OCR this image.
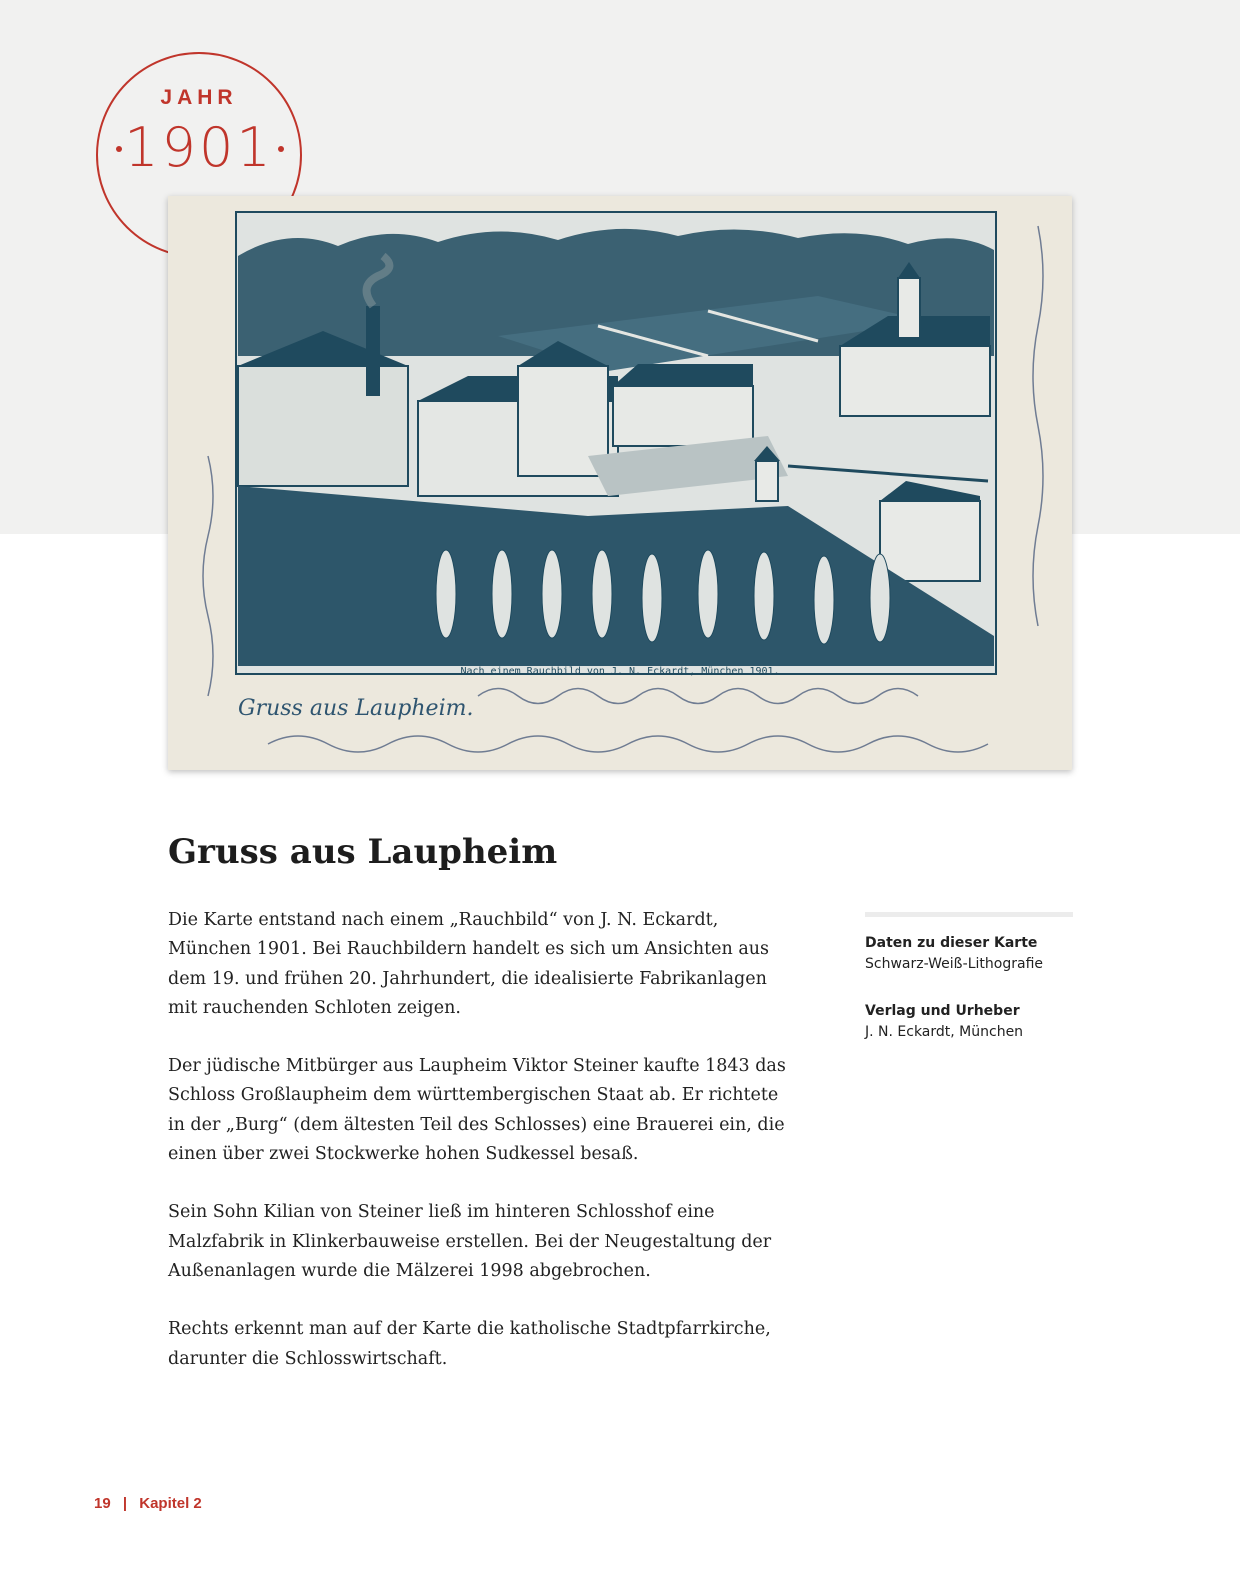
JAHR
1901
Nach einem Rauchbild von J. N. Eckardt, München 1901.
Gruss aus Laupheim.
Gruss aus Laupheim

Die Karte entstand nach einem „Rauchbild“ von J. N. Eckardt, München 1901. Bei Rauchbildern handelt es sich um Ansichten aus dem 19. und frühen 20. Jahrhundert, die idealisierte Fabrikanlagen mit rauchenden Schloten zeigen.

Der jüdische Mitbürger aus Laupheim Viktor Steiner kaufte 1843 das Schloss Großlaupheim dem württembergischen Staat ab. Er richtete in der „Burg“ (dem ältesten Teil des Schlosses) eine Brauerei ein, die einen über zwei Stockwerke hohen Sudkessel besaß.

Sein Sohn Kilian von Steiner ließ im hinteren Schlosshof eine Malzfabrik in Klinkerbauweise erstellen. Bei der Neugestaltung der Außenanlagen wurde die Mälzerei 1998 abgebrochen.

Rechts erkennt man auf der Karte die katholische Stadtpfarrkirche, darunter die Schlosswirtschaft.

Daten zu dieser Karte
Schwarz-Weiß-Lithografie
Verlag und Urheber
J. N. Eckardt, München
19 | Kapitel 2
